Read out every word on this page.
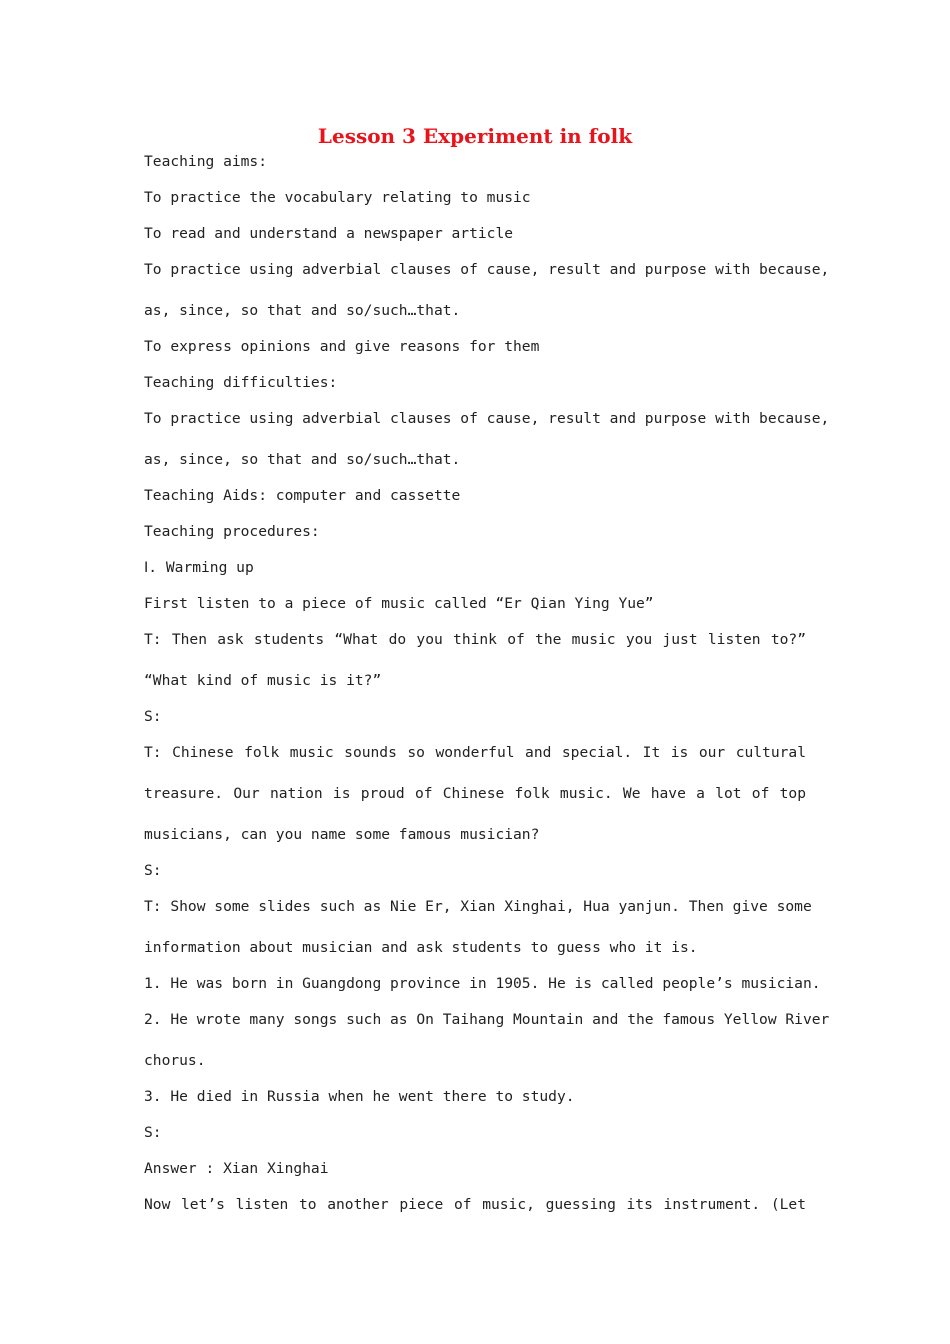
Lesson 3 Experiment in folk

Teaching aims:

To practice the vocabulary relating to music

To read and understand a newspaper article

To practice using adverbial clauses of cause, result and purpose with because,

as, since, so that and so/such…that.

To express opinions and give reasons for them

Teaching difficulties:

To practice using adverbial clauses of cause, result and purpose with because,

as, since, so that and so/such…that.

Teaching Aids: computer and cassette

Teaching procedures:

Ⅰ. Warming up

First listen to a piece of music called “Er Qian Ying Yue”

T: Then ask students “What do you think of the music you just listen to?”

“What kind of music is it?”

S:

T: Chinese folk music sounds so wonderful and special. It is our cultural

treasure. Our nation is proud of Chinese folk music. We have a lot of top

musicians, can you name some famous musician?

S:

T: Show some slides such as Nie Er, Xian Xinghai, Hua yanjun. Then give some

information about musician and ask students to guess who it is.

1. He was born in Guangdong province in 1905. He is called people’s musician.

2. He wrote many songs such as On Taihang Mountain and the famous Yellow River

chorus.

3. He died in Russia when he went there to study.

S:

Answer : Xian Xinghai

Now let’s listen to another piece of music, guessing its instrument. (Let
